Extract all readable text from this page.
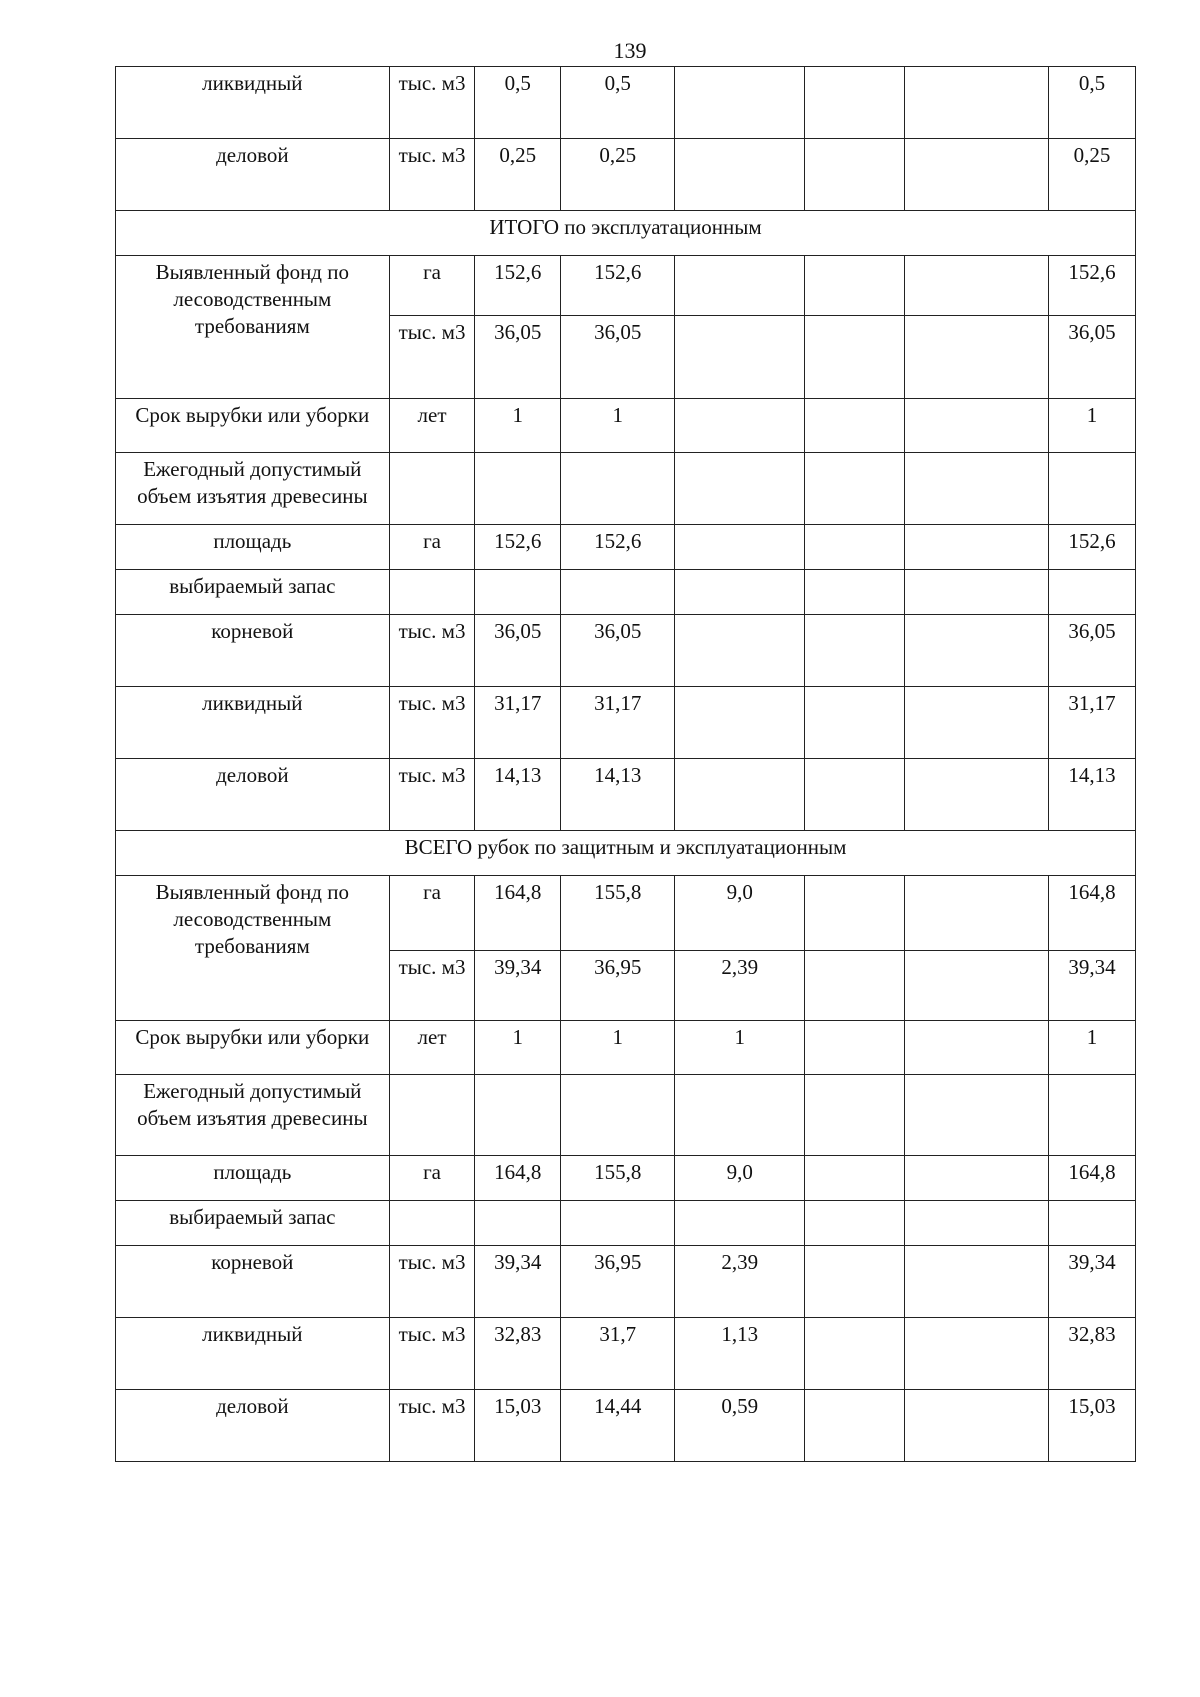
139
ликвидный	тыс. м3	0,5	0,5				0,5
деловой	тыс. м3	0,25	0,25				0,25
ИТОГО по эксплуатационным							
Выявленный фонд по лесоводственным требованиям	га	152,6	152,6				152,6
	тыс. м3	36,05	36,05				36,05
Срок вырубки или уборки	лет	1	1				1
Ежегодный допустимый объем изъятия древесины							
площадь	га	152,6	152,6				152,6
выбираемый запас							
корневой	тыс. м3	36,05	36,05				36,05
ликвидный	тыс. м3	31,17	31,17				31,17
деловой	тыс. м3	14,13	14,13				14,13
ВСЕГО рубок по защитным и эксплуатационным							
Выявленный фонд по лесоводственным требованиям	га	164,8	155,8	9,0			164,8
	тыс. м3	39,34	36,95	2,39			39,34
Срок вырубки или уборки	лет	1	1	1			1
Ежегодный допустимый объем изъятия древесины							
площадь	га	164,8	155,8	9,0			164,8
выбираемый запас							
корневой	тыс. м3	39,34	36,95	2,39			39,34
ликвидный	тыс. м3	32,83	31,7	1,13			32,83
деловой	тыс. м3	15,03	14,44	0,59			15,03
